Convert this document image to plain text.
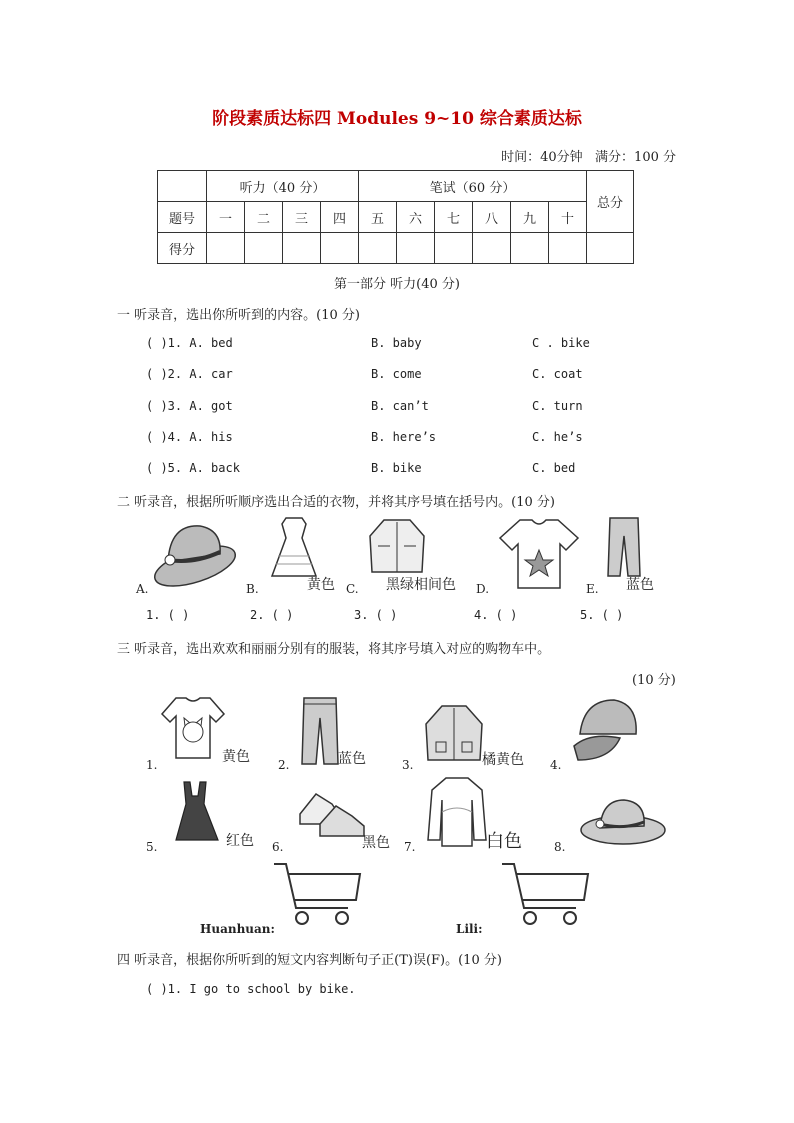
阶段素质达标四 Modules 9~10 综合素质达标
时间：40分钟 满分：100 分
	听力（40 分）				笔试（60 分）						总分
题号	一	二	三	四	五	六	七	八	九	十	
得分											
第一部分 听力(40 分)
一 听录音，选出你所听到的内容。(10 分)
( )1. A. bed	B. baby	C . bike
( )2. A. car	B. come	C. coat
( )3. A. got	B. can’t	C. turn
( )4. A. his	B. here’s	C. he’s
( )5. A. back	B. bike	C. bed
二 听录音，根据所听顺序选出合适的衣物，并将其序号填在括号内。(10 分)
A.	B.	黄色 C. 黑绿相间色 D.	E. 蓝色
1. ( )	2. ( )	3. ( )	4. ( )	5. ( )
三 听录音，选出欢欢和丽丽分别有的服装，将其序号填入对应的购物车中。
(10 分)
1.	黄色 2.	蓝色	3.	橘黄色 4.
5.	红色 6.	黑色 7.	白色	8.
Huanhuan:	Lili:
四 听录音，根据你所听到的短文内容判断句子正(T)误(F)。(10 分)
( )1. I go to school by bike.
